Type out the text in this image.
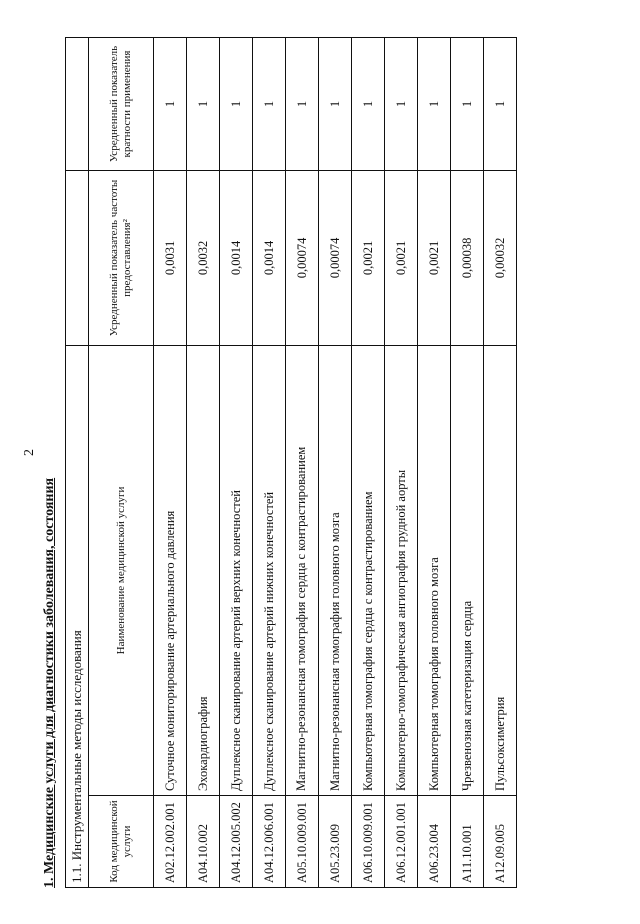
2
1. Медицинские услуги для диагностики заболевания, состояния 1.1. Инструментальные методы исследования			
Код медицинской услуги	Наименование медицинской услуги	Усредненный показатель частоты предоставления²	Усредненный показатель кратности применения
A02.12.002.001	Суточное мониторирование артериального давления	0,0031	1
A04.10.002	Эхокардиография	0,0032	1
A04.12.005.002	Дуплексное сканирование артерий верхних конечностей	0,0014	1
A04.12.006.001	Дуплексное сканирование артерий нижних конечностей	0,0014	1
A05.10.009.001	Магнитно-резонансная томография сердца с контрастированием	0,00074	1
A05.23.009	Магнитно-резонансная томография головного мозга	0,00074	1
A06.10.009.001	Компьютерная томография сердца с контрастированием	0,0021	1
A06.12.001.001	Компьютерно-томографическая ангиография грудной аорты	0,0021	1
A06.23.004	Компьютерная томография головного мозга	0,0021	1
A11.10.001	Чрезвенозная катетеризация сердца	0,00038	1
A12.09.005	Пульсоксиметрия	0,00032	1
